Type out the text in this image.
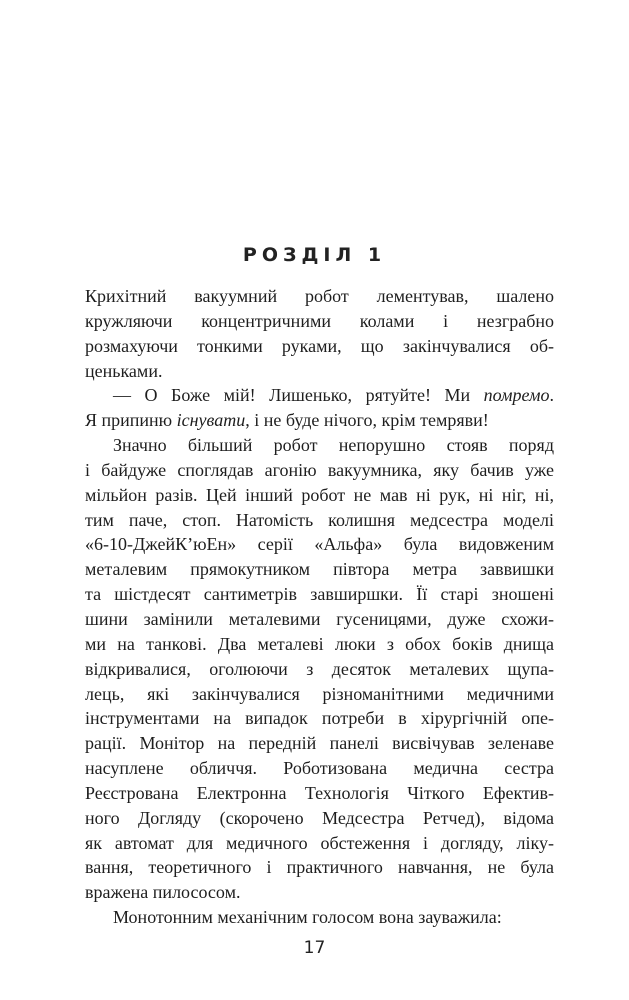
РОЗДІЛ 1
Крихітний вакуумний робот лементував, шалено
кружляючи концентричними колами і незграбно
розмахуючи тонкими руками, що закінчувалися об-
ценьками.
— О Боже мій! Лишенько, рятуйте! Ми помремо.
Я припиню існувати, і не буде нічого, крім темряви!
Значно більший робот непорушно стояв поряд
і байдуже споглядав агонію вакуумника, яку бачив уже
мільйон разів. Цей інший робот не мав ні рук, ні ніг, ні,
тим паче, стоп. Натомість колишня медсестра моделі
«6-10-ДжейК’юЕн» серії «Альфа» була видовженим
металевим прямокутником півтора метра заввишки
та шістдесят сантиметрів завширшки. Її старі зношені
шини замінили металевими гусеницями, дуже схожи-
ми на танкові. Два металеві люки з обох боків днища
відкривалися, оголюючи з десяток металевих щупа-
лець, які закінчувалися різноманітними медичними
інструментами на випадок потреби в хірургічній опе-
рації. Монітор на передній панелі висвічував зеленаве
насуплене обличчя. Роботизована медична сестра
Реєстрована Електронна Технологія Чіткого Ефектив-
ного Догляду (скорочено Медсестра Ретчед), відома
як автомат для медичного обстеження і догляду, ліку-
вання, теоретичного і практичного навчання, не була
вражена пилососом.
Монотонним механічним голосом вона зауважила:
17
